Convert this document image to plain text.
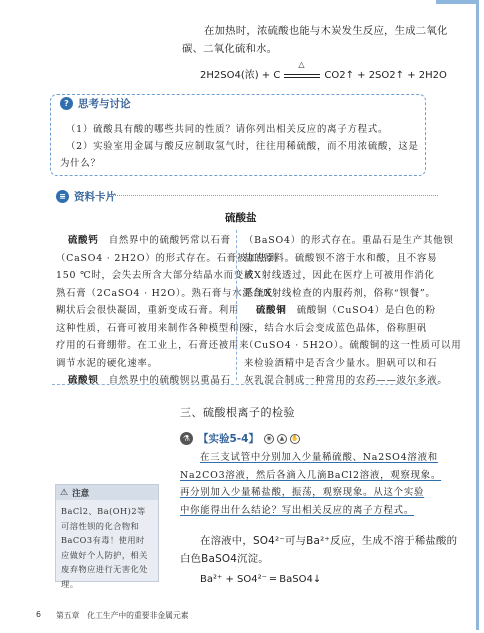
在加热时，浓硫酸也能与木炭发生反应，生成二氧化
碳、二氧化硫和水。
2H2SO4(浓) + C
△
CO2↑ + 2SO2↑ + 2H2O
? 思考与讨论
（1）硫酸具有酸的哪些共同的性质？请你列出相关反应的离子方程式。
（2）实验室用金属与酸反应制取氢气时，往往用稀硫酸，而不用浓硫酸，这是
为什么？
≡ 资料卡片
硫酸盐
硫酸钙　自然界中的硫酸钙常以石膏
（CaSO4 · 2H2O）的形式存在。石膏被加热到
150 ℃时，会失去所含大部分结晶水而变成
熟石膏（2CaSO4 · H2O）。熟石膏与水混合成
糊状后会很快凝固，重新变成石膏。利用
这种性质，石膏可被用来制作各种模型和医
疗用的石膏绷带。在工业上，石膏还被用来
调节水泥的硬化速率。
硫酸钡　自然界中的硫酸钡以重晶石
（BaSO4）的形式存在。重晶石是生产其他钡
盐的原料。硫酸钡不溶于水和酸，且不容易
被X射线透过，因此在医疗上可被用作消化
系统X射线检查的内服药剂，俗称“钡餐”。
硫酸铜　硫酸铜（CuSO4）是白色的粉
末，结合水后会变成蓝色晶体，俗称胆矾
（CuSO4 · 5H2O）。硫酸铜的这一性质可以用
来检验酒精中是否含少量水。胆矾可以和石
灰乳混合制成一种常用的农药——波尔多液。
三、硫酸根离子的检验
⚗ 【实验5-4】	◉	▲	✋
在三支试管中分别加入少量稀硫酸、Na2SO4溶液和
Na2CO3溶液，然后各滴入几滴BaCl2溶液，观察现象。
再分别加入少量稀盐酸，振荡，观察现象。从这个实验
中你能得出什么结论？写出相关反应的离子方程式。
⚠ 注意
BaCl2、Ba(OH)2等可溶性钡的化合物和BaCO3有毒！使用时应做好个人防护，相关废弃物应进行无害化处理。
在溶液中，SO4²⁻可与Ba²⁺反应，生成不溶于稀盐酸的
白色BaSO4沉淀。
Ba²⁺ + SO4²⁻ ═ BaSO4↓
6 第五章　化工生产中的重要非金属元素
